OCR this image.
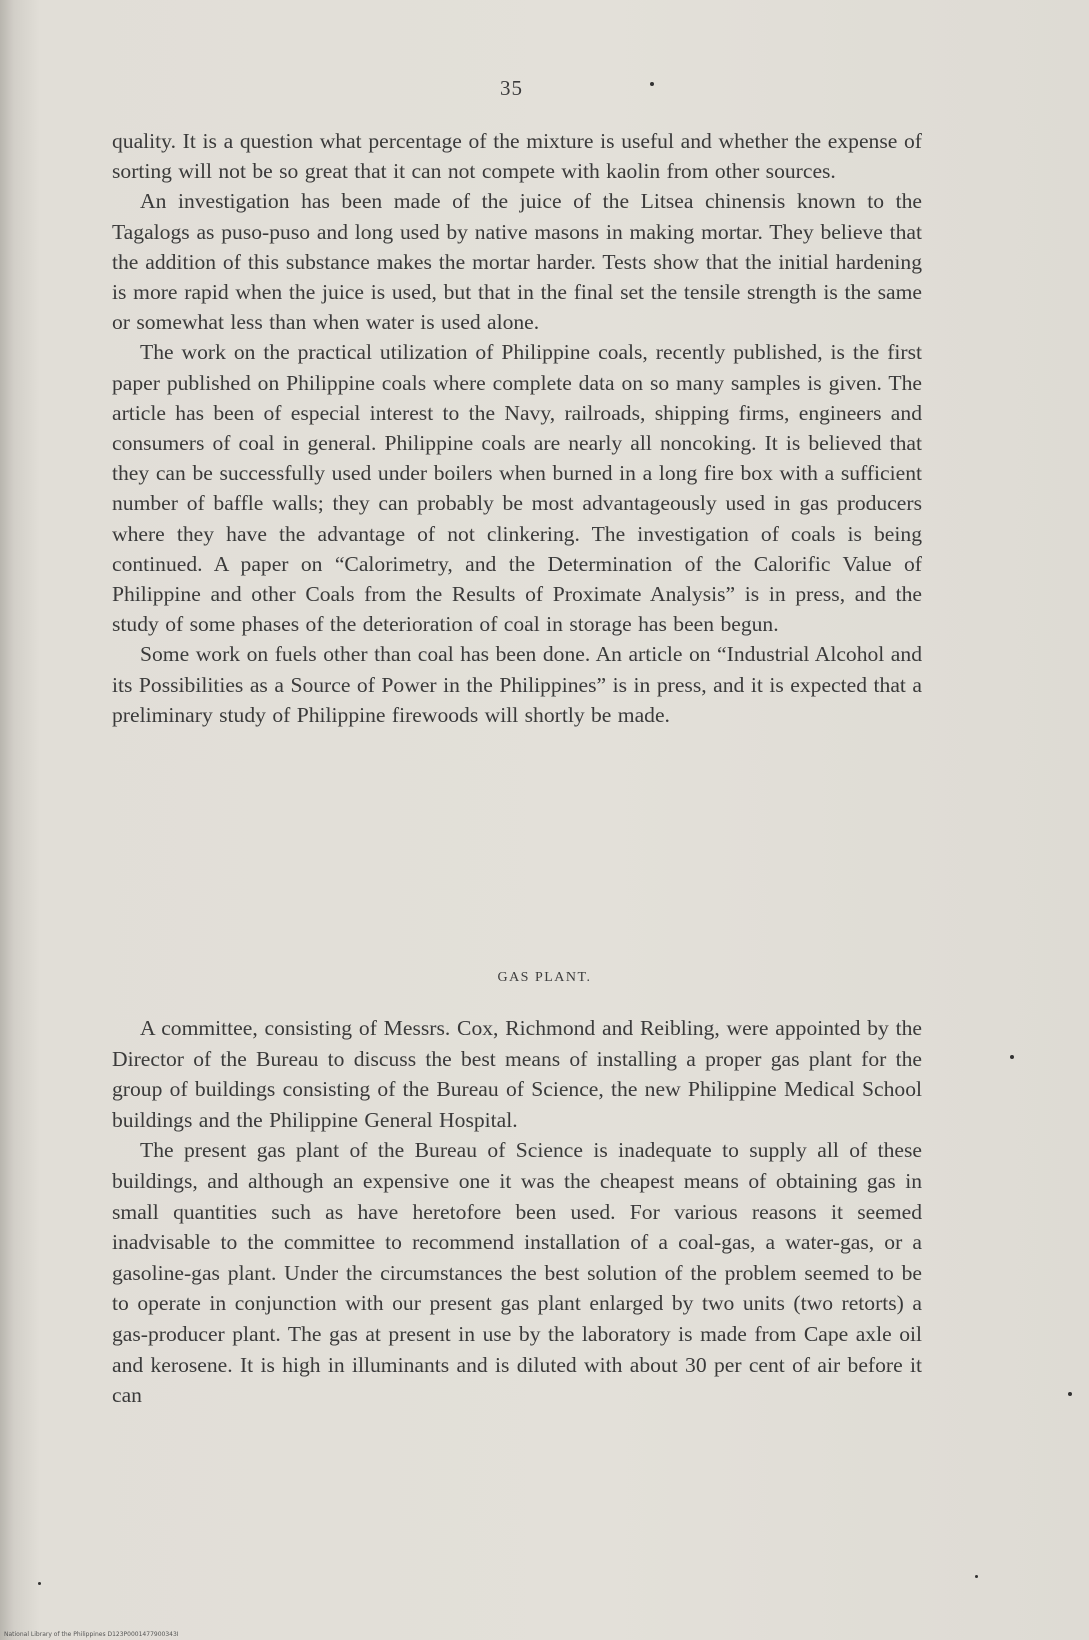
35

quality. It is a question what percentage of the mixture is useful and whether the expense of sorting will not be so great that it can not compete with kaolin from other sources.

An investigation has been made of the juice of the Litsea chinensis known to the Tagalogs as puso-puso and long used by native masons in making mortar. They believe that the addition of this substance makes the mortar harder. Tests show that the initial hardening is more rapid when the juice is used, but that in the final set the tensile strength is the same or somewhat less than when water is used alone.

The work on the practical utilization of Philippine coals, recently published, is the first paper published on Philippine coals where complete data on so many samples is given. The article has been of especial interest to the Navy, railroads, shipping firms, engineers and consumers of coal in general. Philippine coals are nearly all noncoking. It is believed that they can be successfully used under boilers when burned in a long fire box with a sufficient number of baffle walls; they can probably be most advantageously used in gas producers where they have the advantage of not clinkering. The investigation of coals is being continued. A paper on “Calorimetry, and the Determination of the Calorific Value of Philippine and other Coals from the Results of Proximate Analysis” is in press, and the study of some phases of the deterioration of coal in storage has been begun.

Some work on fuels other than coal has been done. An article on “Industrial Alcohol and its Possibilities as a Source of Power in the Philippines” is in press, and it is expected that a preliminary study of Philippine firewoods will shortly be made.

GAS PLANT.

A committee, consisting of Messrs. Cox, Richmond and Reibling, were appointed by the Director of the Bureau to discuss the best means of installing a proper gas plant for the group of buildings consisting of the Bureau of Science, the new Philippine Medical School buildings and the Philippine General Hospital.

The present gas plant of the Bureau of Science is inadequate to supply all of these buildings, and although an expensive one it was the cheapest means of obtaining gas in small quantities such as have heretofore been used. For various reasons it seemed inadvisable to the committee to recommend installation of a coal-gas, a water-gas, or a gasoline-gas plant. Under the circumstances the best solution of the problem seemed to be to operate in conjunction with our present gas plant enlarged by two units (two retorts) a gas-producer plant. The gas at present in use by the laboratory is made from Cape axle oil and kerosene. It is high in illuminants and is diluted with about 30 per cent of air before it can

National Library of the Philippines D123P0001477900343I
